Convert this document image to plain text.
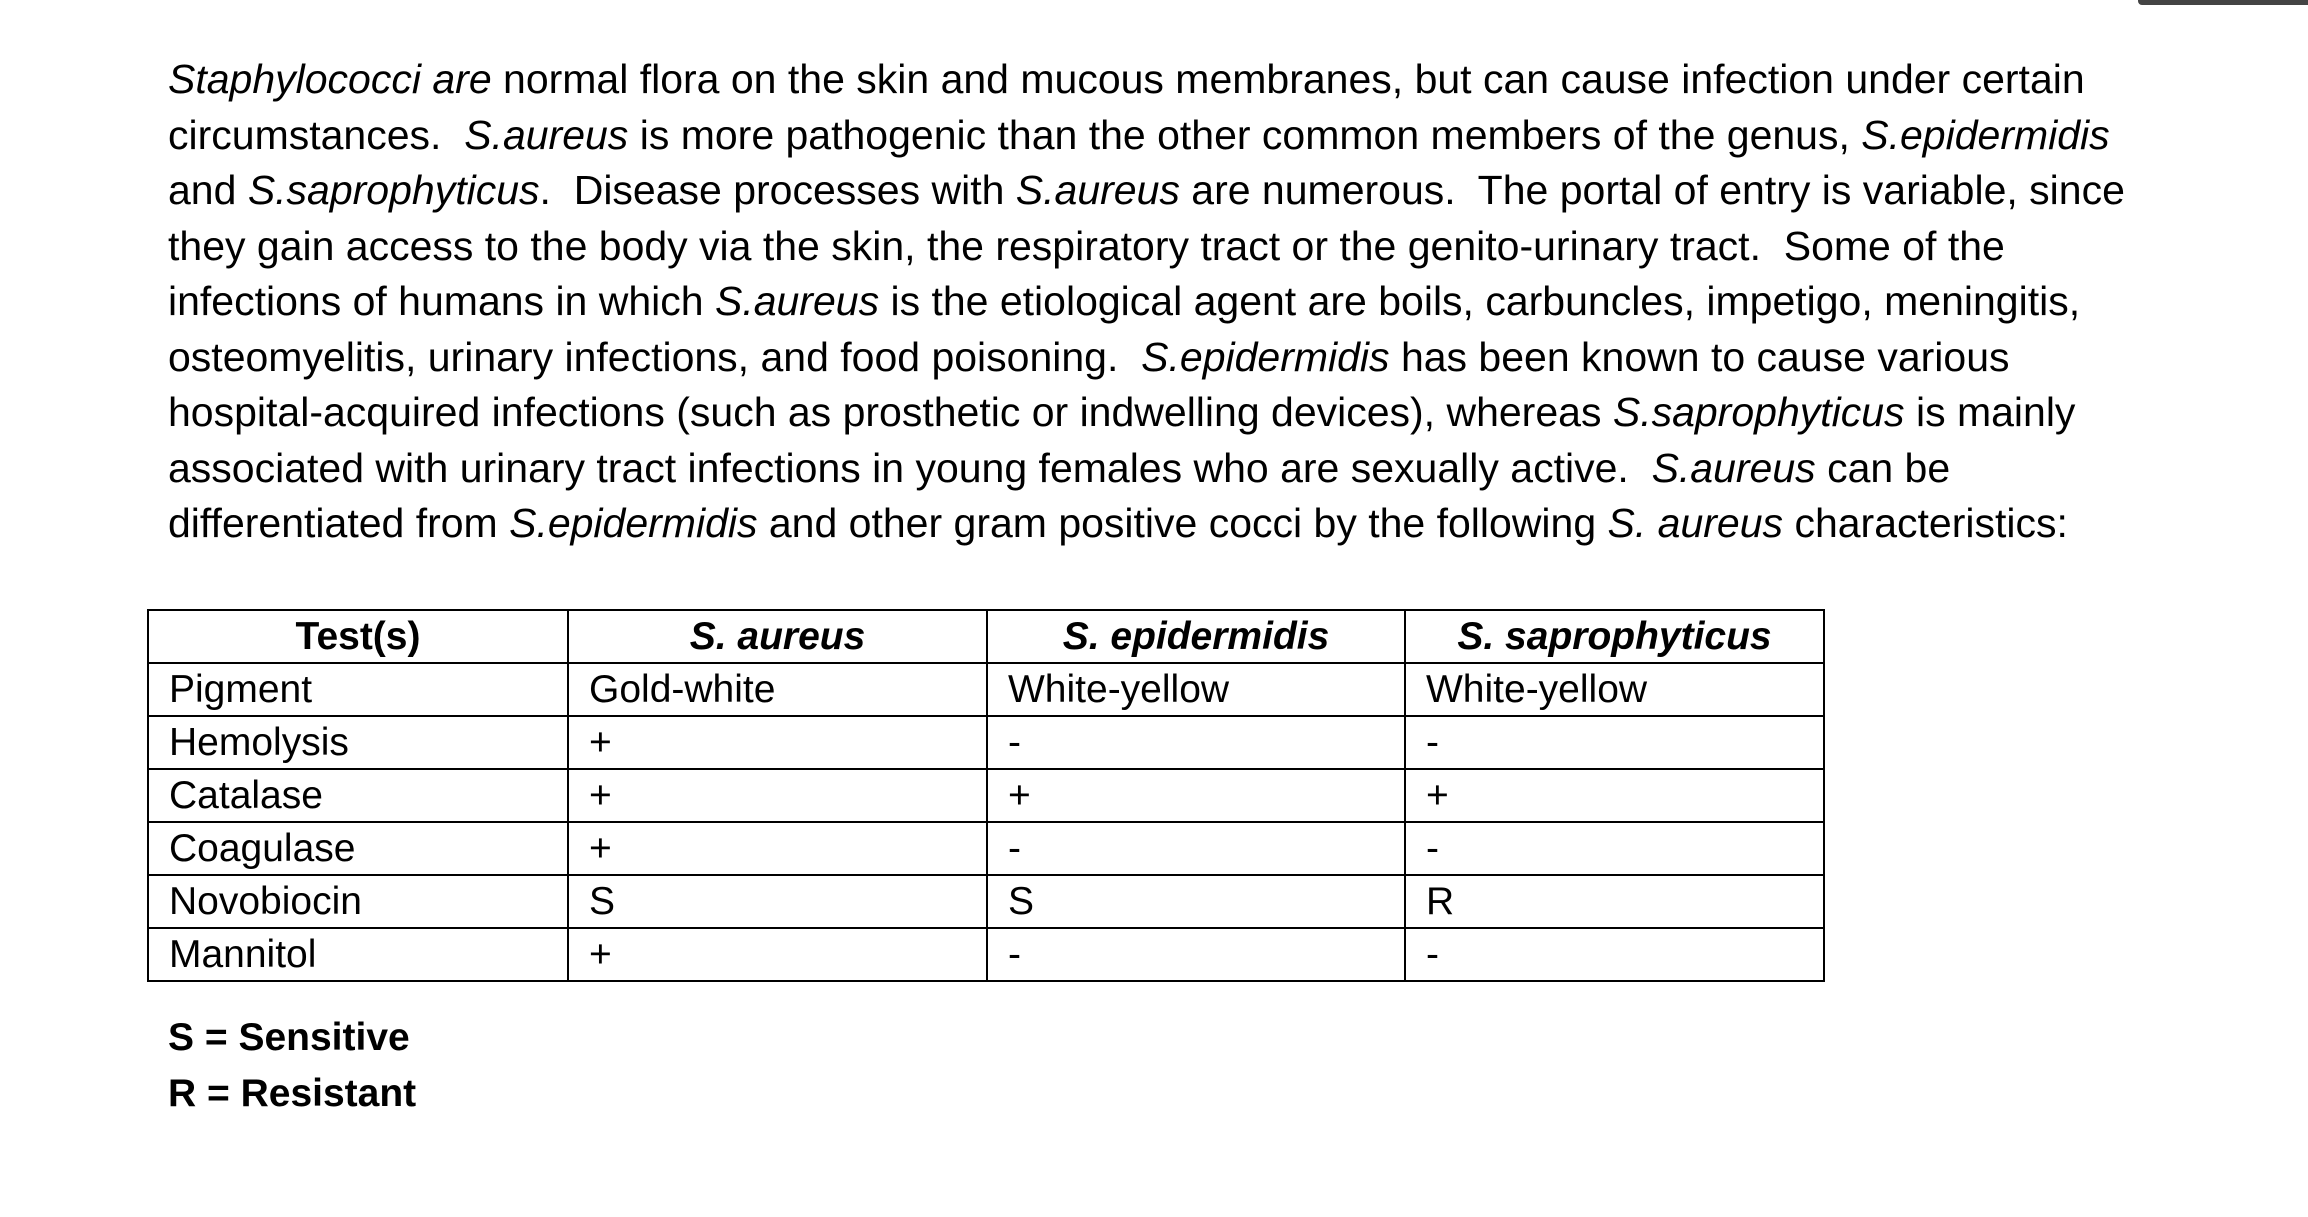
Staphylococci are normal flora on the skin and mucous membranes, but can cause infection under certain
circumstances.  S.aureus is more pathogenic than the other common members of the genus, S.epidermidis
and S.saprophyticus.  Disease processes with S.aureus are numerous.  The portal of entry is variable, since
they gain access to the body via the skin, the respiratory tract or the genito-urinary tract.  Some of the
infections of humans in which S.aureus is the etiological agent are boils, carbuncles, impetigo, meningitis,
osteomyelitis, urinary infections, and food poisoning.  S.epidermidis has been known to cause various
hospital-acquired infections (such as prosthetic or indwelling devices), whereas S.saprophyticus is mainly
associated with urinary tract infections in young females who are sexually active.  S.aureus can be
differentiated from S.epidermidis and other gram positive cocci by the following S. aureus characteristics:
Test(s)	S. aureus	S. epidermidis	S. saprophyticus
Pigment	Gold-white	White-yellow	White-yellow
Hemolysis	+	-	-
Catalase	+	+	+
Coagulase	+	-	-
Novobiocin	S	S	R
Mannitol	+	-	-
S = Sensitive
R = Resistant
